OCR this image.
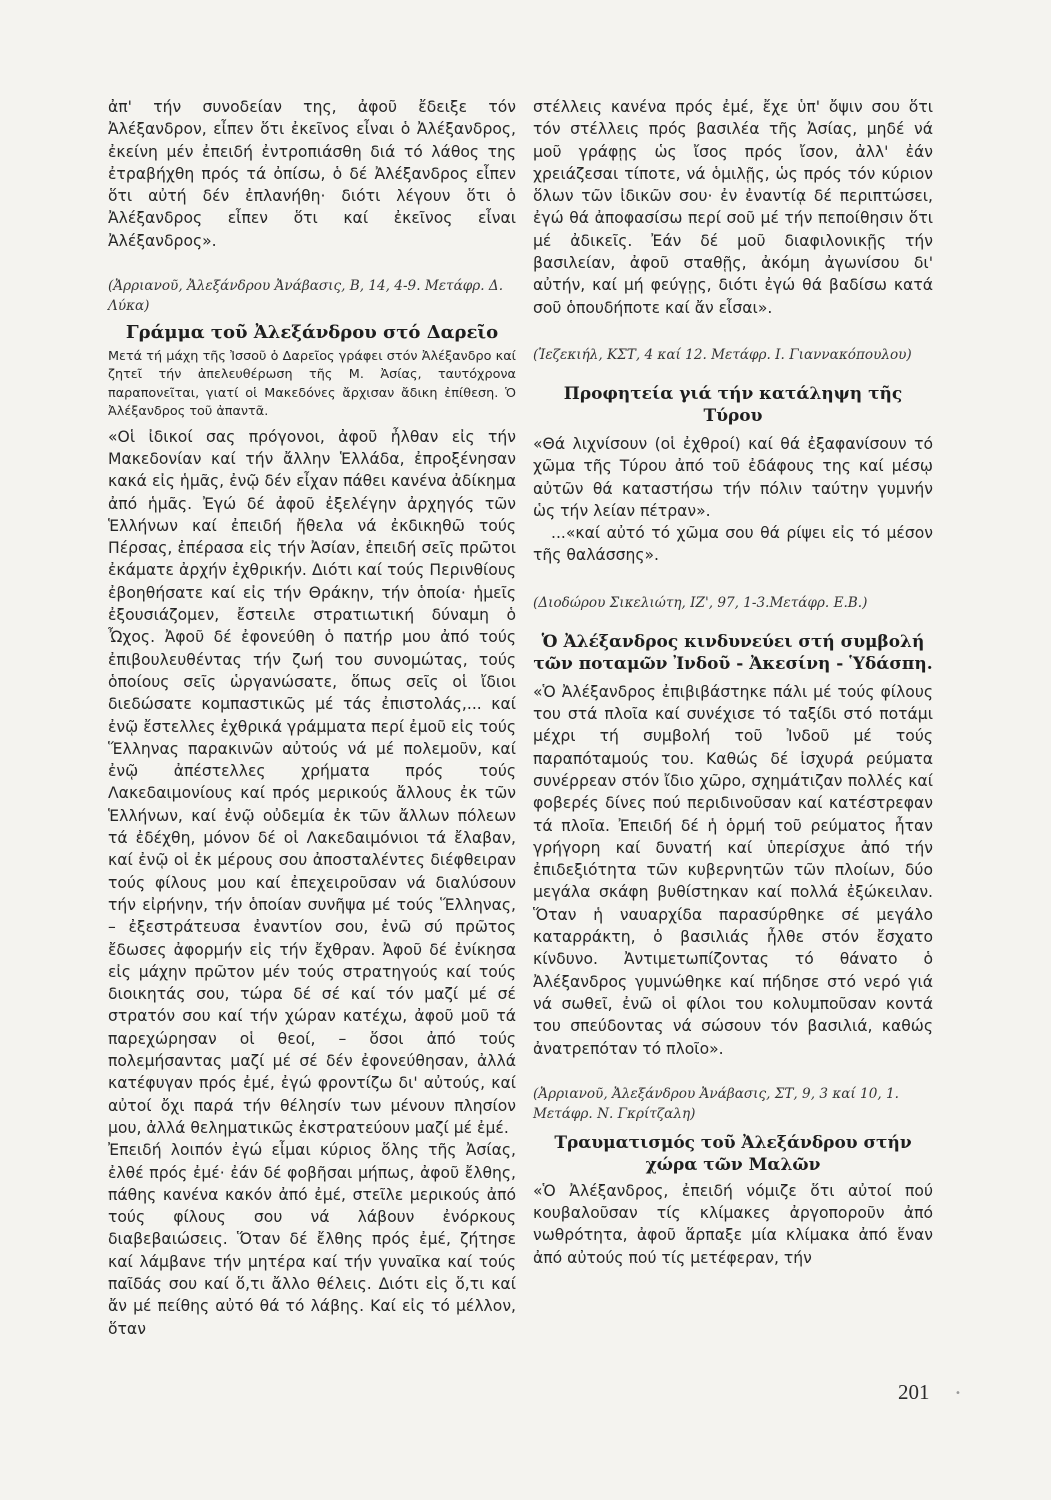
ἀπ' τήν συνοδείαν της, ἀφοῦ ἔδειξε τόν Ἀλέξανδρον, εἶπεν ὅτι ἐκεῖνος εἶναι ὁ Ἀλέξανδρος, ἐκείνη μέν ἐπειδή ἐντροπιάσθη διά τό λάθος της ἐτραβήχθη πρός τά ὀπίσω, ὁ δέ Ἀλέξανδρος εἶπεν ὅτι αὐτή δέν ἐπλανήθη· διότι λέγουν ὅτι ὁ Ἀλέξανδρος εἶπεν ὅτι καί ἐκεῖνος εἶναι Ἀλέξανδρος».

(Ἀρριανοῦ, Ἀλεξάνδρου Ἀνάβασις, Β, 14, 4-9. Μετάφρ. Δ. Λύκα)

Γράμμα τοῦ Ἀλεξάνδρου στό Δαρεῖο

Μετά τή μάχη τῆς Ἰσσοῦ ὁ Δαρεῖος γράφει στόν Ἀλέξανδρο καί ζητεῖ τήν ἀπελευθέρωση τῆς Μ. Ἀσίας, ταυτόχρονα παραπονεῖται, γιατί οἱ Μακεδόνες ἄρχισαν ἄδικη ἐπίθεση. Ὁ Ἀλέξανδρος τοῦ ἀπαντᾶ.

«Οἱ ἰδικοί σας πρόγονοι, ἀφοῦ ἦλθαν εἰς τήν Μακεδονίαν καί τήν ἄλλην Ἑλλάδα, ἐπροξένησαν κακά εἰς ἡμᾶς, ἐνῷ δέν εἶχαν πάθει κανένα ἀδίκημα ἀπό ἡμᾶς. Ἐγώ δέ ἀφοῦ ἐξελέγην ἀρχηγός τῶν Ἑλλήνων καί ἐπειδή ἤθελα νά ἐκδικηθῶ τούς Πέρσας, ἐπέρασα εἰς τήν Ἀσίαν, ἐπειδή σεῖς πρῶτοι ἐκάματε ἀρχήν ἐχθρικήν. Διότι καί τούς Περινθίους ἐβοηθήσατε καί εἰς τήν Θράκην, τήν ὁποία· ἡμεῖς ἐξουσιάζομεν, ἔστειλε στρατιωτική δύναμη ὁ Ὦχος. Ἀφοῦ δέ ἐφονεύθη ὁ πατήρ μου ἀπό τούς ἐπιβουλευθέντας τήν ζωή του συνομώτας, τούς ὁποίους σεῖς ὡργανώσατε, ὅπως σεῖς οἱ ἴδιοι διεδώσατε κομπαστικῶς μέ τάς ἐπιστολάς,... καί ἐνῷ ἔστελλες ἐχθρικά γράμματα περί ἐμοῦ εἰς τούς Ἕλληνας παρακινῶν αὐτούς νά μέ πολεμοῦν, καί ἐνῷ ἀπέστελλες χρήματα πρός τούς Λακεδαιμονίους καί πρός μερικούς ἄλλους ἐκ τῶν Ἑλλήνων, καί ἐνῷ οὐδεμία ἐκ τῶν ἄλλων πόλεων τά ἐδέχθη, μόνον δέ οἱ Λακεδαιμόνιοι τά ἔλαβαν, καί ἐνῷ οἱ ἐκ μέρους σου ἀποσταλέντες διέφθειραν τούς φίλους μου καί ἐπεχειροῦσαν νά διαλύσουν τήν εἰρήνην, τήν ὁποίαν συνῆψα μέ τούς Ἕλληνας, – ἐξεστράτευσα ἐναντίον σου, ἐνῶ σύ πρῶτος ἔδωσες ἀφορμήν εἰς τήν ἔχθραν. Ἀφοῦ δέ ἐνίκησα εἰς μάχην πρῶτον μέν τούς στρατηγούς καί τούς διοικητάς σου, τώρα δέ σέ καί τόν μαζί μέ σέ στρατόν σου καί τήν χώραν κατέχω, ἀφοῦ μοῦ τά παρεχώρησαν οἱ θεοί, – ὅσοι ἀπό τούς πολεμήσαντας μαζί μέ σέ δέν ἐφονεύθησαν, ἀλλά κατέφυγαν πρός ἐμέ, ἐγώ φροντίζω δι' αὐτούς, καί αὐτοί ὄχι παρά τήν θέλησίν των μένουν πλησίον μου, ἀλλά θεληματικῶς ἐκστρατεύουν μαζί μέ ἐμέ.

Ἐπειδή λοιπόν ἐγώ εἶμαι κύριος ὅλης τῆς Ἀσίας, ἐλθέ πρός ἐμέ· ἐάν δέ φοβῆσαι μήπως, ἀφοῦ ἔλθης, πάθης κανένα κακόν ἀπό ἐμέ, στεῖλε μερικούς ἀπό τούς φίλους σου νά λάβουν ἐνόρκους διαβεβαιώσεις. Ὅταν δέ ἔλθης πρός ἐμέ, ζήτησε καί λάμβανε τήν μητέρα καί τήν γυναῖκα καί τούς παῖδάς σου καί ὅ,τι ἄλλο θέλεις. Διότι εἰς ὅ,τι καί ἄν μέ πείθης αὐτό θά τό λάβης. Καί εἰς τό μέλλον, ὅταν

στέλλεις κανένα πρός ἐμέ, ἔχε ὑπ' ὄψιν σου ὅτι τόν στέλλεις πρός βασιλέα τῆς Ἀσίας, μηδέ νά μοῦ γράφῃς ὡς ἴσος πρός ἴσον, ἀλλ' ἐάν χρειάζεσαι τίποτε, νά ὁμιλῇς, ὡς πρός τόν κύριον ὅλων τῶν ἰδικῶν σου· ἐν ἐναντίᾳ δέ περιπτώσει, ἐγώ θά ἀποφασίσω περί σοῦ μέ τήν πεποίθησιν ὅτι μέ ἀδικεῖς. Ἐάν δέ μοῦ διαφιλονικῇς τήν βασιλείαν, ἀφοῦ σταθῇς, ἀκόμη ἀγωνίσου δι' αὐτήν, καί μή φεύγῃς, διότι ἐγώ θά βαδίσω κατά σοῦ ὁπουδήποτε καί ἄν εἶσαι».

(Ἰεζεκιήλ, ΚΣΤ, 4 καί 12. Μετάφρ. Ι. Γιαννακόπουλου)

Προφητεία γιά τήν κατάληψη τῆς Τύρου

«Θά λιχνίσουν (οἱ ἐχθροί) καί θά ἐξαφανίσουν τό χῶμα τῆς Τύρου ἀπό τοῦ ἐδάφους της καί μέσῳ αὐτῶν θά καταστήσω τήν πόλιν ταύτην γυμνήν ὡς τήν λείαν πέτραν».

...«καί αὐτό τό χῶμα σου θά ρίψει εἰς τό μέσον τῆς θαλάσσης».

(Διοδώρου Σικελιώτη, ΙΖ', 97, 1-3.Μετάφρ. Ε.Β.)

Ὁ Ἀλέξανδρος κινδυνεύει στή συμβολή τῶν ποταμῶν Ἰνδοῦ - Ἀκεσίνη - Ὑδάσπη.

«Ὁ Ἀλέξανδρος ἐπιβιβάστηκε πάλι μέ τούς φίλους του στά πλοῖα καί συνέχισε τό ταξίδι στό ποτάμι μέχρι τή συμβολή τοῦ Ἰνδοῦ μέ τούς παραπόταμούς του. Καθώς δέ ἰσχυρά ρεύματα συνέρρεαν στόν ἴδιο χῶρο, σχημάτιζαν πολλές καί φοβερές δίνες πού περιδινοῦσαν καί κατέστρεφαν τά πλοῖα. Ἐπειδή δέ ἡ ὁρμή τοῦ ρεύματος ἦταν γρήγορη καί δυνατή καί ὑπερίσχυε ἀπό τήν ἐπιδεξιότητα τῶν κυβερνητῶν τῶν πλοίων, δύο μεγάλα σκάφη βυθίστηκαν καί πολλά ἐξώκειλαν. Ὅταν ἡ ναυαρχίδα παρασύρθηκε σέ μεγάλο καταρράκτη, ὁ βασιλιάς ἦλθε στόν ἔσχατο κίνδυνο. Ἀντιμετωπίζοντας τό θάνατο ὁ Ἀλέξανδρος γυμνώθηκε καί πήδησε στό νερό γιά νά σωθεῖ, ἐνῶ οἱ φίλοι του κολυμποῦσαν κοντά του σπεύδοντας νά σώσουν τόν βασιλιά, καθώς ἀνατρεπόταν τό πλοῖο».

(Ἀρριανοῦ, Ἀλεξάνδρου Ἀνάβασις, ΣΤ, 9, 3 καί 10, 1. Μετάφρ. Ν. Γκρίτζαλη)

Τραυματισμός τοῦ Ἀλεξάνδρου στήν χώρα τῶν Μαλῶν

«Ὁ Ἀλέξανδρος, ἐπειδή νόμιζε ὅτι αὐτοί πού κουβαλοῦσαν τίς κλίμακες ἀργοποροῦν ἀπό νωθρότητα, ἀφοῦ ἅρπαξε μία κλίμακα ἀπό ἕναν ἀπό αὐτούς πού τίς μετέφεραν, τήν

201	•
